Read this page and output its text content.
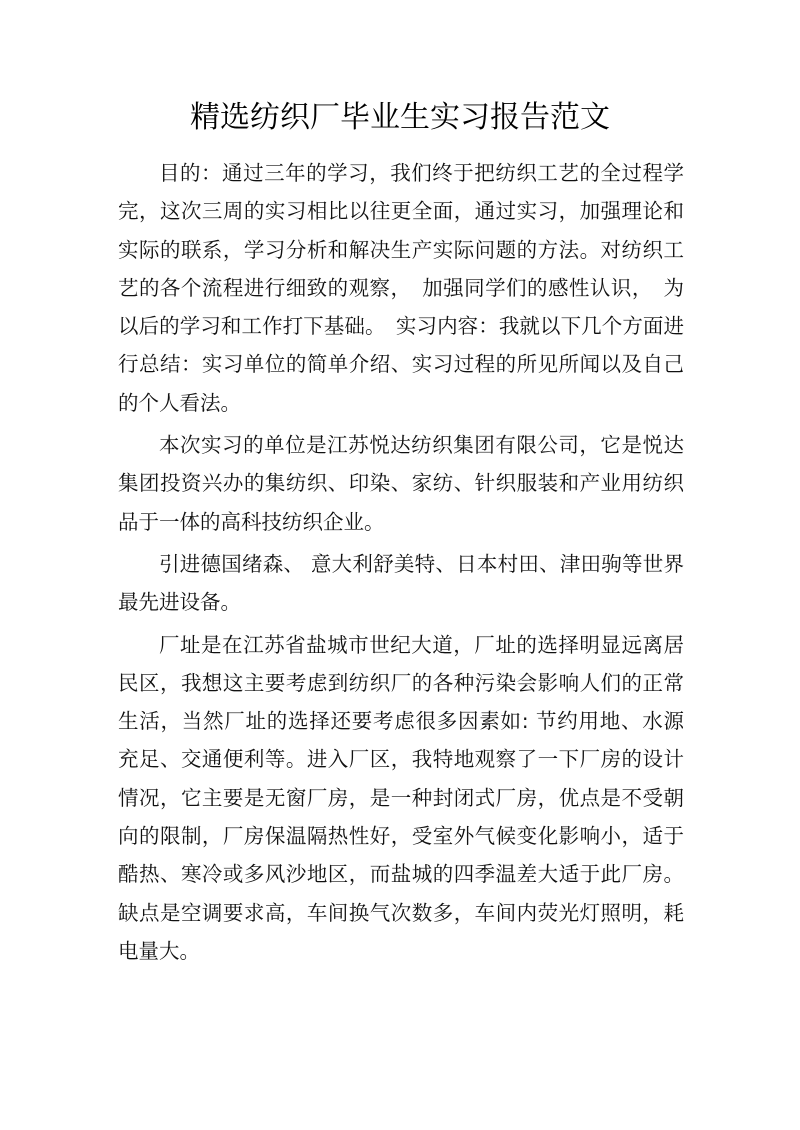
精选纺织厂毕业生实习报告范文

目的：通过三年的学习，我们终于把纺织工艺的全过程学完，这次三周的实习相比以往更全面，通过实习，加强理论和实际的联系，学习分析和解决生产实际问题的方法。对纺织工艺的各个流程进行细致的观察，　加强同学们的感性认识，　为以后的学习和工作打下基础。　实习内容：我就以下几个方面进行总结：实习单位的简单介绍、实习过程的所见所闻以及自己的个人看法。

本次实习的单位是江苏悦达纺织集团有限公司，它是悦达集团投资兴办的集纺织、印染、家纺、针织服装和产业用纺织品于一体的高科技纺织企业。

引进德国绪森、 意大利舒美特、日本村田、津田驹等世界最先进设备。

厂址是在江苏省盐城市世纪大道，厂址的选择明显远离居民区，我想这主要考虑到纺织厂的各种污染会影响人们的正常生活，当然厂址的选择还要考虑很多因素如: 节约用地、水源充足、交通便利等。进入厂区，我特地观察了一下厂房的设计情况，它主要是无窗厂房，是一种封闭式厂房，优点是不受朝向的限制，厂房保温隔热性好，受室外气候变化影响小，适于酷热、寒冷或多风沙地区，而盐城的四季温差大适于此厂房。缺点是空调要求高，车间换气次数多，车间内荧光灯照明，耗电量大。
